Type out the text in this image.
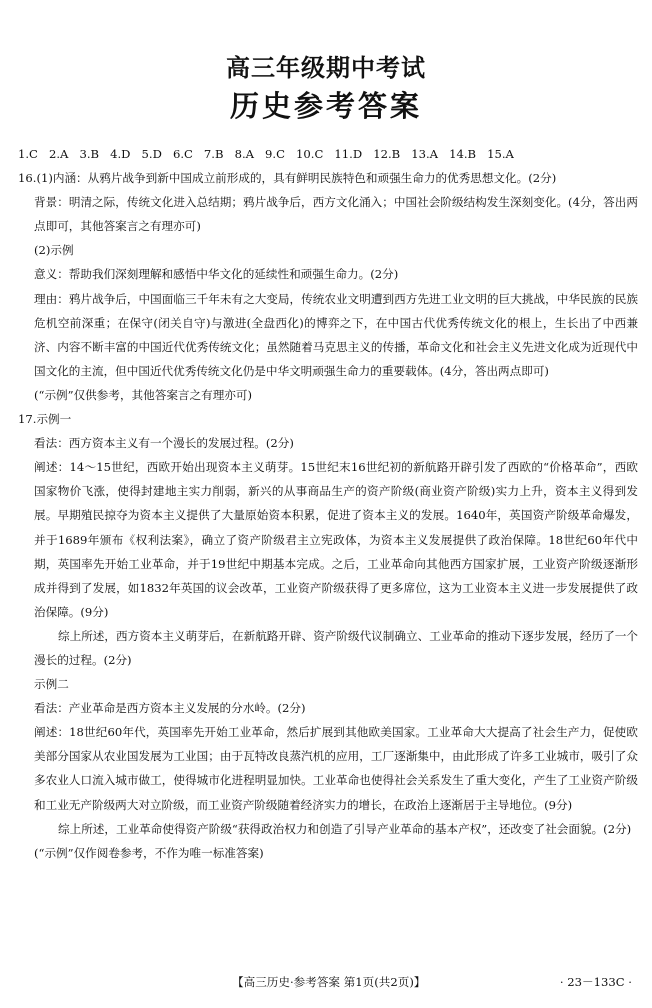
高三年级期中考试
历史参考答案

1.C   2.A   3.B   4.D   5.D   6.C   7.B   8.A   9.C   10.C   11.D   12.B   13.A   14.B   15.A

16.(1)内涵：从鸦片战争到新中国成立前形成的，具有鲜明民族特色和顽强生命力的优秀思想文化。(2分)

背景：明清之际，传统文化进入总结期；鸦片战争后，西方文化涌入；中国社会阶级结构发生深刻变化。(4分，答出两点即可，其他答案言之有理亦可)

(2)示例

意义：帮助我们深刻理解和感悟中华文化的延续性和顽强生命力。(2分)

理由：鸦片战争后，中国面临三千年未有之大变局，传统农业文明遭到西方先进工业文明的巨大挑战，中华民族的民族危机空前深重；在保守(闭关自守)与激进(全盘西化)的博弈之下，在中国古代优秀传统文化的根上，生长出了中西兼济、内容不断丰富的中国近代优秀传统文化；虽然随着马克思主义的传播，革命文化和社会主义先进文化成为近现代中国文化的主流，但中国近代优秀传统文化仍是中华文明顽强生命力的重要载体。(4分，答出两点即可)

(“示例”仅供参考，其他答案言之有理亦可)

17.示例一

看法：西方资本主义有一个漫长的发展过程。(2分)

阐述：14～15世纪，西欧开始出现资本主义萌芽。15世纪末16世纪初的新航路开辟引发了西欧的“价格革命”，西欧国家物价飞涨，使得封建地主实力削弱，新兴的从事商品生产的资产阶级(商业资产阶级)实力上升，资本主义得到发展。早期殖民掠夺为资本主义提供了大量原始资本积累，促进了资本主义的发展。1640年，英国资产阶级革命爆发，并于1689年颁布《权利法案》，确立了资产阶级君主立宪政体，为资本主义发展提供了政治保障。18世纪60年代中期，英国率先开始工业革命，并于19世纪中期基本完成。之后，工业革命向其他西方国家扩展，工业资产阶级逐渐形成并得到了发展，如1832年英国的议会改革，工业资产阶级获得了更多席位，这为工业资本主义进一步发展提供了政治保障。(9分)

综上所述，西方资本主义萌芽后，在新航路开辟、资产阶级代议制确立、工业革命的推动下逐步发展，经历了一个漫长的过程。(2分)

示例二

看法：产业革命是西方资本主义发展的分水岭。(2分)

阐述：18世纪60年代，英国率先开始工业革命，然后扩展到其他欧美国家。工业革命大大提高了社会生产力，促使欧美部分国家从农业国发展为工业国；由于瓦特改良蒸汽机的应用，工厂逐渐集中，由此形成了许多工业城市，吸引了众多农业人口流入城市做工，使得城市化进程明显加快。工业革命也使得社会关系发生了重大变化，产生了工业资产阶级和工业无产阶级两大对立阶级，而工业资产阶级随着经济实力的增长，在政治上逐渐居于主导地位。(9分)

综上所述，工业革命使得资产阶级“获得政治权力和创造了引导产业革命的基本产权”，还改变了社会面貌。(2分)

(“示例”仅作阅卷参考，不作为唯一标准答案)

【高三历史·参考答案 第1页(共2页)】	· 23－133C ·
